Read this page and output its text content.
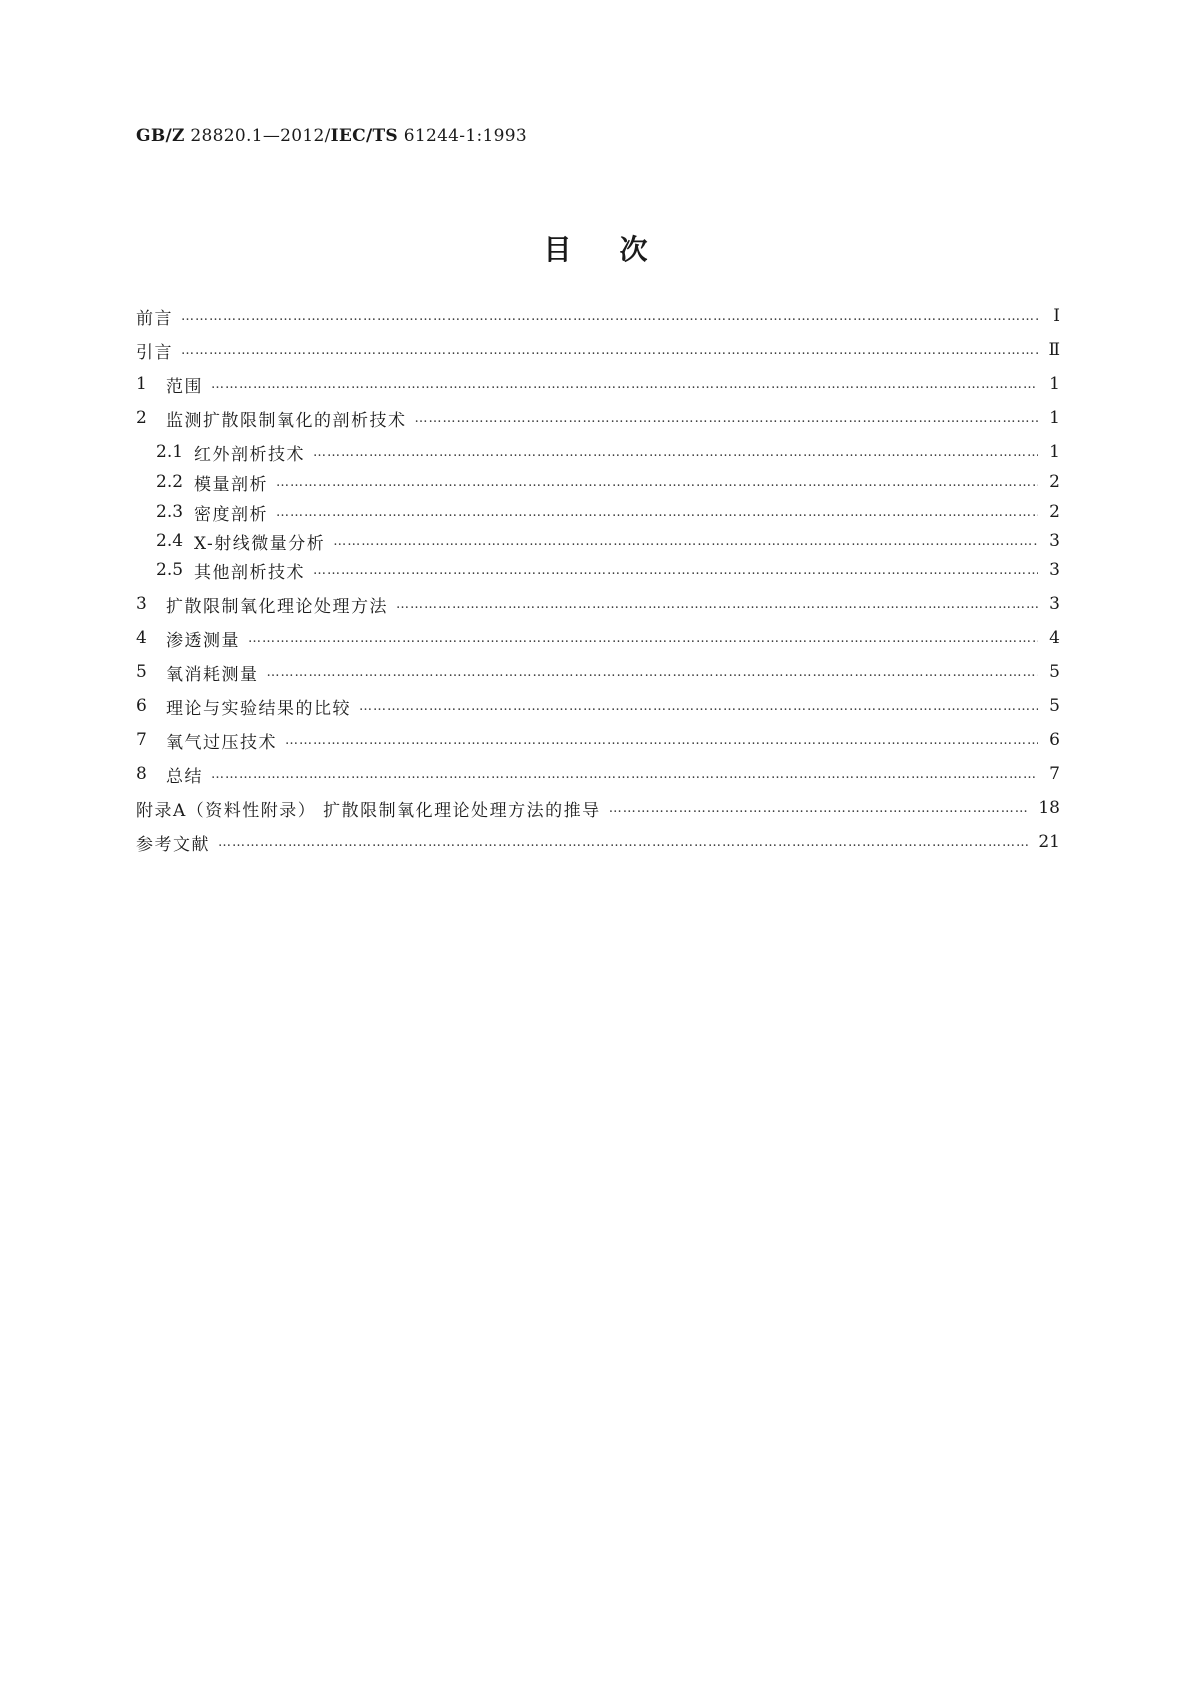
GB/Z 28820.1—2012/IEC/TS 61244-1:1993
目次
前言 ………………………………………………………………………………………………………………………………………………………………………………………………………………………………………	Ⅰ
引言 ………………………………………………………………………………………………………………………………………………………………………………………………………………………………………	Ⅱ
1	范围 ………………………………………………………………………………………………………………………………………………………………………………………………………………………………………	1
2	监测扩散限制氧化的剖析技术 ………………………………………………………………………………………………………………………………………………………………………………………………………………………………………	1
2.1 红外剖析技术 ………………………………………………………………………………………………………………………………………………………………………………………………………………………………………	1
2.2 模量剖析 ………………………………………………………………………………………………………………………………………………………………………………………………………………………………………	2
2.3 密度剖析 ………………………………………………………………………………………………………………………………………………………………………………………………………………………………………	2
2.4 X-射线微量分析 ………………………………………………………………………………………………………………………………………………………………………………………………………………………………………	3
2.5 其他剖析技术 ………………………………………………………………………………………………………………………………………………………………………………………………………………………………………	3
3	扩散限制氧化理论处理方法 ………………………………………………………………………………………………………………………………………………………………………………………………………………………………………	3
4	渗透测量 ………………………………………………………………………………………………………………………………………………………………………………………………………………………………………	4
5	氧消耗测量 ………………………………………………………………………………………………………………………………………………………………………………………………………………………………………	5
6	理论与实验结果的比较 ………………………………………………………………………………………………………………………………………………………………………………………………………………………………………	5
7	氧气过压技术 ………………………………………………………………………………………………………………………………………………………………………………………………………………………………………	6
8	总结 ………………………………………………………………………………………………………………………………………………………………………………………………………………………………………	7
附录A（资料性附录） 扩散限制氧化理论处理方法的推导 ………………………………………………………………………………………………………………………………………………………………………………………………………………………………………	18
参考文献 ………………………………………………………………………………………………………………………………………………………………………………………………………………………………………	21
